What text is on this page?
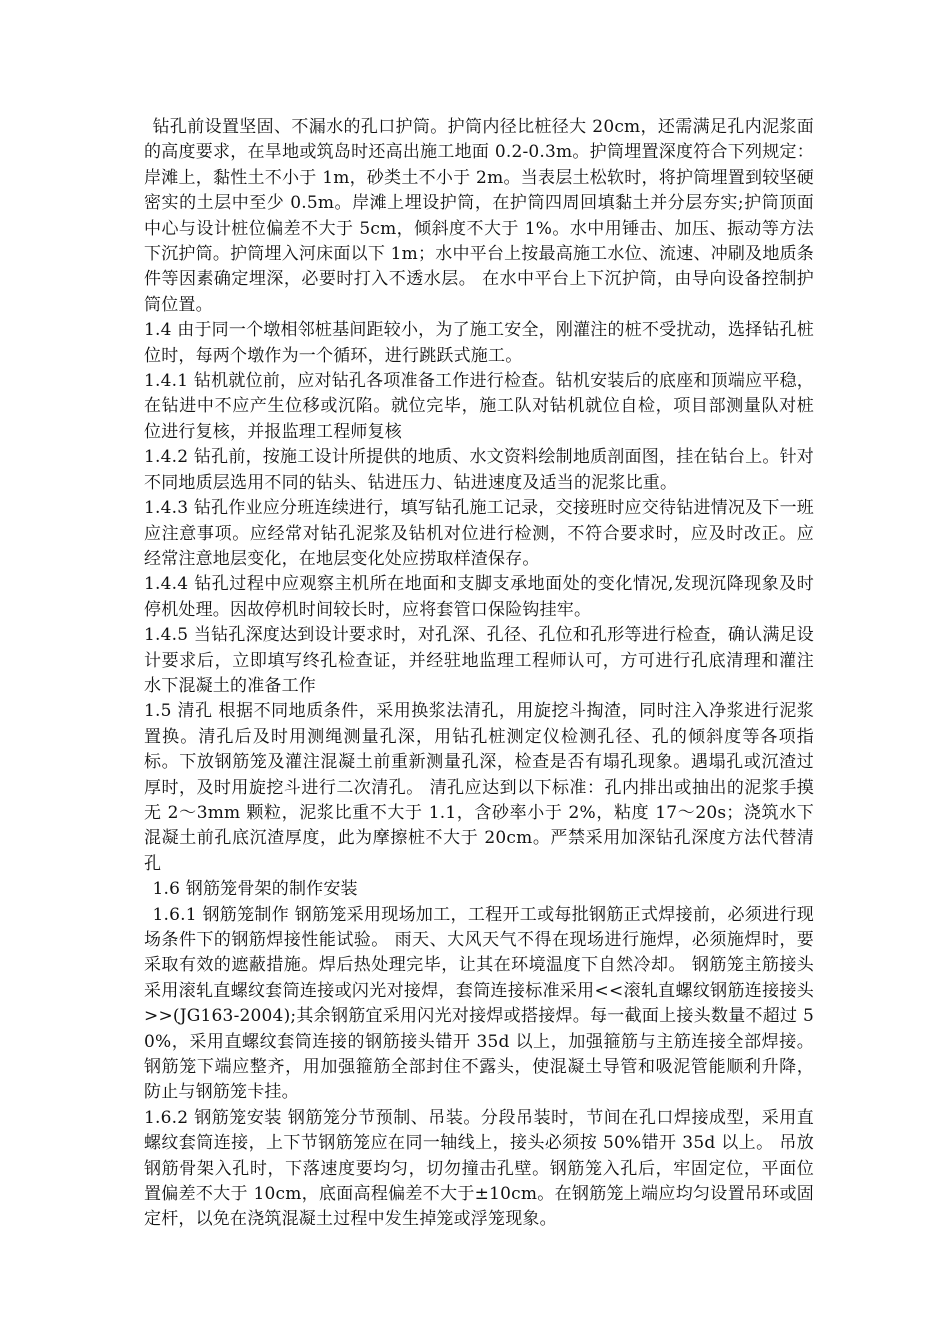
钻孔前设置坚固、不漏水的孔口护筒。护筒内径比桩径大 20cm，还需满足孔内泥浆面的高度要求，在旱地或筑岛时还高出施工地面 0.2-0.3m。护筒埋置深度符合下列规定： 岸滩上，黏性土不小于 1m，砂类土不小于 2m。当表层土松软时，将护筒埋置到较坚硬密实的土层中至少 0.5m。岸滩上埋设护筒，在护筒四周回填黏土并分层夯实;护筒顶面中心与设计桩位偏差不大于 5cm，倾斜度不大于 1%。水中用锤击、加压、振动等方法下沉护筒。护筒埋入河床面以下 1m；水中平台上按最高施工水位、流速、冲刷及地质条件等因素确定埋深，必要时打入不透水层。 在水中平台上下沉护筒，由导向设备控制护筒位置。

1.4 由于同一个墩相邻桩基间距较小，为了施工安全，刚灌注的桩不受扰动，选择钻孔桩位时，每两个墩作为一个循环，进行跳跃式施工。

1.4.1 钻机就位前，应对钻孔各项准备工作进行检查。钻机安装后的底座和顶端应平稳，在钻进中不应产生位移或沉陷。就位完毕，施工队对钻机就位自检，项目部测量队对桩位进行复核，并报监理工程师复核

1.4.2 钻孔前，按施工设计所提供的地质、水文资料绘制地质剖面图，挂在钻台上。针对不同地质层选用不同的钻头、钻进压力、钻进速度及适当的泥浆比重。

1.4.3 钻孔作业应分班连续进行，填写钻孔施工记录，交接班时应交待钻进情况及下一班应注意事项。应经常对钻孔泥浆及钻机对位进行检测，不符合要求时，应及时改正。应经常注意地层变化，在地层变化处应捞取样渣保存。

1.4.4 钻孔过程中应观察主机所在地面和支脚支承地面处的变化情况,发现沉降现象及时停机处理。因故停机时间较长时，应将套管口保险钩挂牢。

1.4.5 当钻孔深度达到设计要求时，对孔深、孔径、孔位和孔形等进行检查，确认满足设计要求后，立即填写终孔检查证，并经驻地监理工程师认可，方可进行孔底清理和灌注水下混凝土的准备工作

1.5 清孔 根据不同地质条件，采用换浆法清孔，用旋挖斗掏渣，同时注入净浆进行泥浆置换。清孔后及时用测绳测量孔深，用钻孔桩测定仪检测孔径、孔的倾斜度等各项指标。下放钢筋笼及灌注混凝土前重新测量孔深，检查是否有塌孔现象。遇塌孔或沉渣过厚时，及时用旋挖斗进行二次清孔。 清孔应达到以下标准：孔内排出或抽出的泥浆手摸无 2～3mm 颗粒，泥浆比重不大于 1.1，含砂率小于 2%，粘度 17～20s；浇筑水下混凝土前孔底沉渣厚度，此为摩擦桩不大于 20cm。严禁采用加深钻孔深度方法代替清孔

1.6 钢筋笼骨架的制作安装

1.6.1 钢筋笼制作 钢筋笼采用现场加工，工程开工或每批钢筋正式焊接前，必须进行现场条件下的钢筋焊接性能试验。 雨天、大风天气不得在现场进行施焊，必须施焊时，要采取有效的遮蔽措施。焊后热处理完毕，让其在环境温度下自然冷却。 钢筋笼主筋接头采用滚轧直螺纹套筒连接或闪光对接焊，套筒连接标准采用<<滚轧直螺纹钢筋连接接头>>(JG163-2004);其余钢筋宜采用闪光对接焊或搭接焊。每一截面上接头数量不超过 50%，采用直螺纹套筒连接的钢筋接头错开 35d 以上，加强箍筋与主筋连接全部焊接。钢筋笼下端应整齐，用加强箍筋全部封住不露头，使混凝土导管和吸泥管能顺利升降，防止与钢筋笼卡挂。

1.6.2 钢筋笼安装 钢筋笼分节预制、吊装。分段吊装时，节间在孔口焊接成型，采用直螺纹套筒连接，上下节钢筋笼应在同一轴线上，接头必须按 50%错开 35d 以上。 吊放钢筋骨架入孔时，下落速度要均匀，切勿撞击孔壁。钢筋笼入孔后，牢固定位，平面位置偏差不大于 10cm，底面高程偏差不大于±10cm。在钢筋笼上端应均匀设置吊环或固定杆，以免在浇筑混凝土过程中发生掉笼或浮笼现象。
